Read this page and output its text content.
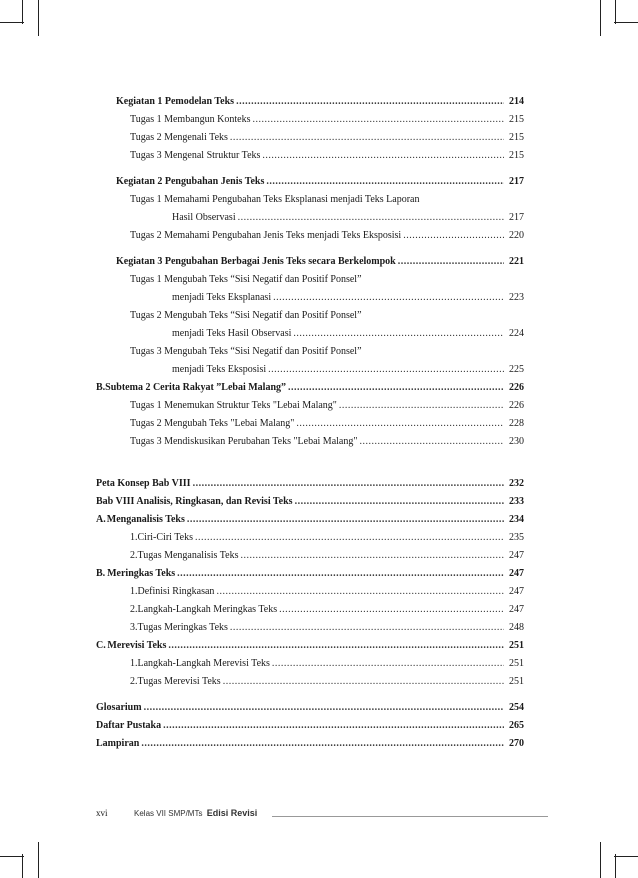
Kegiatan 1 Pemodelan Teks .....	214
Tugas 1 Membangun Konteks .....	215
Tugas 2 Mengenali Teks .....	215
Tugas 3 Mengenal Struktur Teks .....	215
Kegiatan 2 Pengubahan Jenis Teks .....	217
Tugas 1 Memahami Pengubahan Teks Eksplanasi menjadi Teks Laporan
Hasil Observasi .....	217
Tugas 2 Memahami Pengubahan Jenis Teks menjadi Teks Eksposisi .....	220
Kegiatan 3 Pengubahan Berbagai Jenis Teks secara Berkelompok .....	221
Tugas 1 Mengubah Teks “Sisi Negatif dan Positif Ponsel”
menjadi Teks Eksplanasi .....	223
Tugas 2 Mengubah Teks “Sisi Negatif dan Positif Ponsel”
menjadi Teks Hasil Observasi .....	224
Tugas 3 Mengubah Teks “Sisi Negatif dan Positif Ponsel”
menjadi Teks Eksposisi .....	225
B. Subtema 2 Cerita Rakyat ”Lebai Malang” .....	226
Tugas 1 Menemukan Struktur Teks "Lebai Malang" .....	226
Tugas 2 Mengubah Teks "Lebai Malang" .....	228
Tugas 3 Mendiskusikan Perubahan Teks "Lebai Malang" .....	230
Peta Konsep Bab VIII .....	232
Bab VIII Analisis, Ringkasan, dan Revisi Teks .....	233
A. Menganalisis Teks .....	234
1. Ciri-Ciri Teks .....	235
2. Tugas Menganalisis Teks .....	247
B. Meringkas Teks .....	247
1. Definisi Ringkasan .....	247
2. Langkah-Langkah Meringkas Teks .....	247
3. Tugas Meringkas Teks .....	248
C. Merevisi Teks .....	251
1. Langkah-Langkah Merevisi Teks .....	251
2. Tugas Merevisi Teks .....	251
Glosarium .....	254
Daftar Pustaka .....	265
Lampiran .....	270
xvi	Kelas VII SMP/MTs Edisi Revisi
